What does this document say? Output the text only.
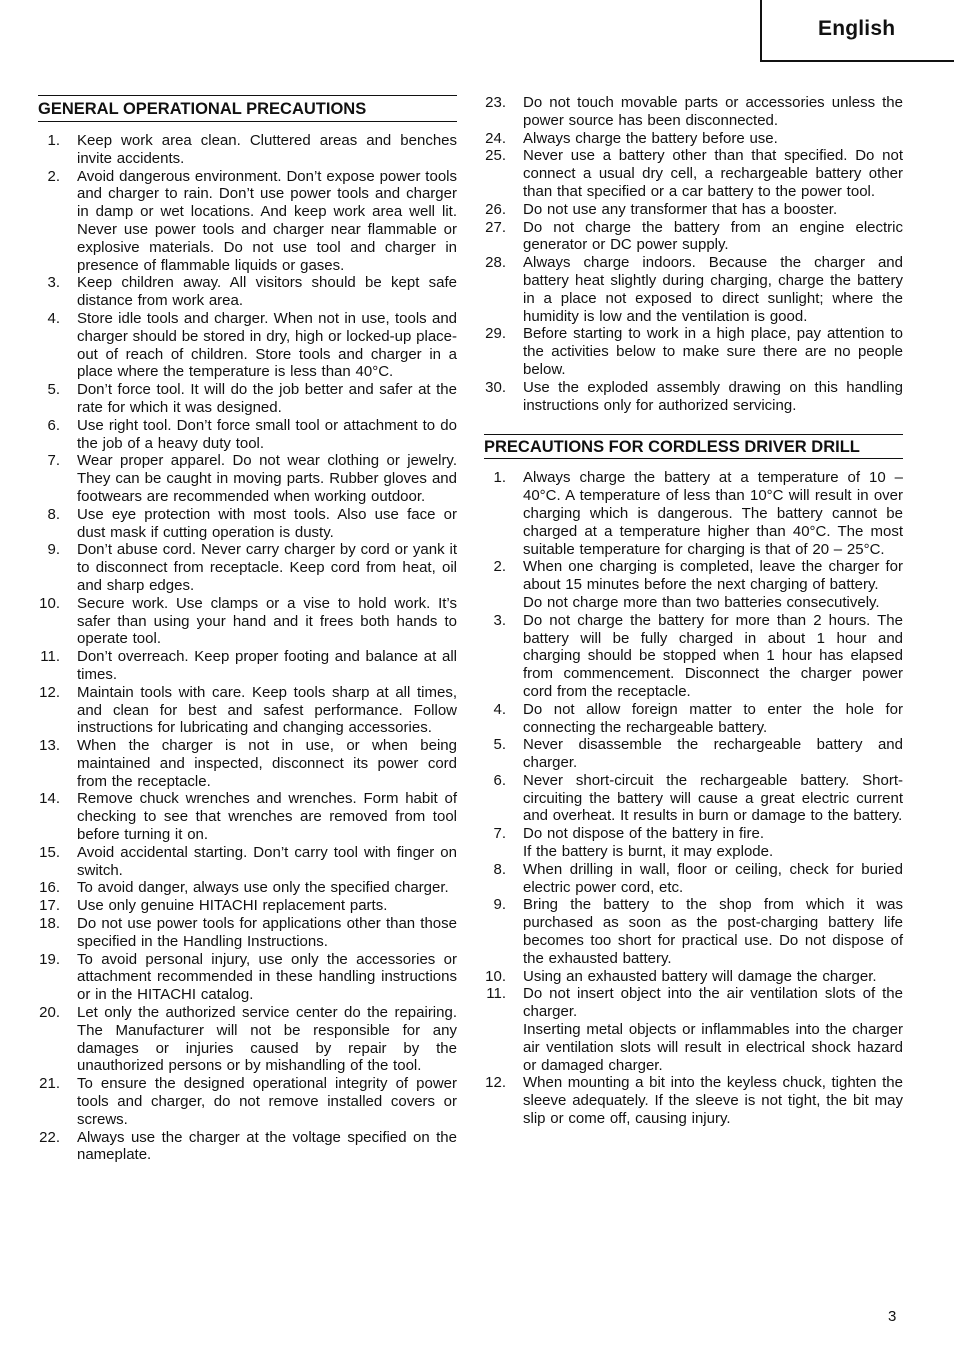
English
GENERAL OPERATIONAL PRECAUTIONS
1. Keep work area clean. Cluttered areas and benches invite accidents.
2. Avoid dangerous environment. Don’t expose power tools and charger to rain. Don’t use power tools and charger in damp or wet locations. And keep work area well lit. Never use power tools and charger near flammable or explosive materials. Do not use tool and charger in presence of flammable liquids or gases.
3. Keep children away. All visitors should be kept safe distance from work area.
4. Store idle tools and charger. When not in use, tools and charger should be stored in dry, high or locked-up place-out of reach of children. Store tools and charger in a place where the temperature is less than 40°C.
5. Don’t force tool. It will do the job better and safer at the rate for which it was designed.
6. Use right tool. Don’t force small tool or attachment to do the job of a heavy duty tool.
7. Wear proper apparel. Do not wear clothing or jewelry. They can be caught in moving parts. Rubber gloves and footwears are recommended when working outdoor.
8. Use eye protection with most tools. Also use face or dust mask if cutting operation is dusty.
9. Don’t abuse cord. Never carry charger by cord or yank it to disconnect from receptacle. Keep cord from heat, oil and sharp edges.
10. Secure work. Use clamps or a vise to hold work. It’s safer than using your hand and it frees both hands to operate tool.
11. Don’t overreach. Keep proper footing and balance at all times.
12. Maintain tools with care. Keep tools sharp at all times, and clean for best and safest performance. Follow instructions for lubricating and changing accessories.
13. When the charger is not in use, or when being maintained and inspected, disconnect its power cord from the receptacle.
14. Remove chuck wrenches and wrenches. Form habit of checking to see that wrenches are removed from tool before turning it on.
15. Avoid accidental starting. Don’t carry tool with finger on switch.
16. To avoid danger, always use only the specified charger.
17. Use only genuine HITACHI replacement parts.
18. Do not use power tools for applications other than those specified in the Handling Instructions.
19. To avoid personal injury, use only the accessories or attachment recommended in these handling instructions or in the HITACHI catalog.
20. Let only the authorized service center do the repairing. The Manufacturer will not be responsible for any damages or injuries caused by repair by the unauthorized persons or by mishandling of the tool.
21. To ensure the designed operational integrity of power tools and charger, do not remove installed covers or screws.
22. Always use the charger at the voltage specified on the nameplate.
23. Do not touch movable parts or accessories unless the power source has been disconnected.
24. Always charge the battery before use.
25. Never use a battery other than that specified. Do not connect a usual dry cell, a rechargeable battery other than that specified or a car battery to the power tool.
26. Do not use any transformer that has a booster.
27. Do not charge the battery from an engine electric generator or DC power supply.
28. Always charge indoors. Because the charger and battery heat slightly during charging, charge the battery in a place not exposed to direct sunlight; where the humidity is low and the ventilation is good.
29. Before starting to work in a high place, pay attention to the activities below to make sure there are no people below.
30. Use the exploded assembly drawing on this handling instructions only for authorized servicing.
PRECAUTIONS FOR CORDLESS DRIVER DRILL
1. Always charge the battery at a temperature of 10 – 40°C. A temperature of less than 10°C will result in over charging which is dangerous. The battery cannot be charged at a temperature higher than 40°C. The most suitable temperature for charging is that of 20 – 25°C.
2. When one charging is completed, leave the charger for about 15 minutes before the next charging of battery.
Do not charge more than two batteries consecutively.
3. Do not charge the battery for more than 2 hours. The battery will be fully charged in about 1 hour and charging should be stopped when 1 hour has elapsed from commencement. Disconnect the charger power cord from the receptacle.
4. Do not allow foreign matter to enter the hole for connecting the rechargeable battery.
5. Never disassemble the rechargeable battery and charger.
6. Never short-circuit the rechargeable battery. Short-circuiting the battery will cause a great electric current and overheat. It results in burn or damage to the battery.
7. Do not dispose of the battery in fire.
If the battery is burnt, it may explode.
8. When drilling in wall, floor or ceiling, check for buried electric power cord, etc.
9. Bring the battery to the shop from which it was purchased as soon as the post-charging battery life becomes too short for practical use. Do not dispose of the exhausted battery.
10. Using an exhausted battery will damage the charger.
11. Do not insert object into the air ventilation slots of the charger.
Inserting metal objects or inflammables into the charger air ventilation slots will result in electrical shock hazard or damaged charger.
12. When mounting a bit into the keyless chuck, tighten the sleeve adequately. If the sleeve is not tight, the bit may slip or come off, causing injury.
3
